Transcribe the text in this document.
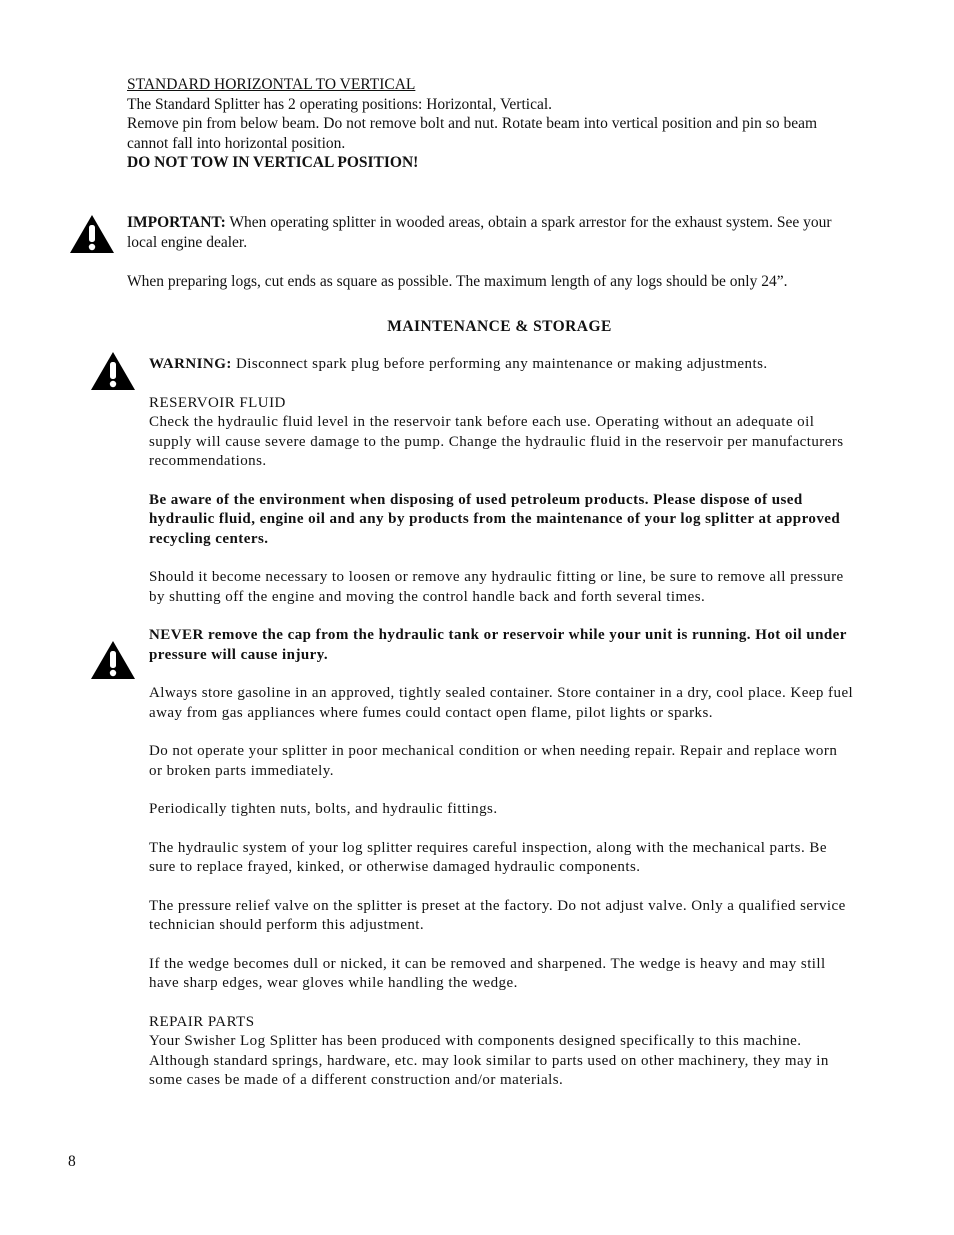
STANDARD HORIZONTAL TO VERTICAL

The Standard Splitter has 2 operating positions: Horizontal, Vertical.

Remove pin from below beam. Do not remove bolt and nut. Rotate beam into vertical position and pin so beam cannot fall into horizontal position.

DO NOT TOW IN VERTICAL POSITION!

IMPORTANT: When operating splitter in wooded areas, obtain a spark arrestor for the exhaust system. See your local engine dealer.

When preparing logs, cut ends as square as possible. The maximum length of any logs should be only 24”.

MAINTENANCE & STORAGE

WARNING: Disconnect spark plug before performing any maintenance or making adjustments.

RESERVOIR FLUID

Check the hydraulic fluid level in the reservoir tank before each use. Operating without an adequate oil supply will cause severe damage to the pump. Change the hydraulic fluid in the reservoir per manufacturers recommendations.

Be aware of the environment when disposing of used petroleum products. Please dispose of used hydraulic fluid, engine oil and any by products from the maintenance of your log splitter at approved recycling centers.

Should it become necessary to loosen or remove any hydraulic fitting or line, be sure to remove all pressure by shutting off the engine and moving the control handle back and forth several times.

NEVER remove the cap from the hydraulic tank or reservoir while your unit is running. Hot oil under pressure will cause injury.

Always store gasoline in an approved, tightly sealed container. Store container in a dry, cool place. Keep fuel away from gas appliances where fumes could contact open flame, pilot lights or sparks.

Do not operate your splitter in poor mechanical condition or when needing repair. Repair and replace worn or broken parts immediately.

Periodically tighten nuts, bolts, and hydraulic fittings.

The hydraulic system of your log splitter requires careful inspection, along with the mechanical parts. Be sure to replace frayed, kinked, or otherwise damaged hydraulic components.

The pressure relief valve on the splitter is preset at the factory. Do not adjust valve. Only a qualified service technician should perform this adjustment.

If the wedge becomes dull or nicked, it can be removed and sharpened. The wedge is heavy and may still have sharp edges, wear gloves while handling the wedge.

REPAIR PARTS

Your Swisher Log Splitter has been produced with components designed specifically to this machine. Although standard springs, hardware, etc. may look similar to parts used on other machinery, they may in some cases be made of a different construction and/or materials.

8
